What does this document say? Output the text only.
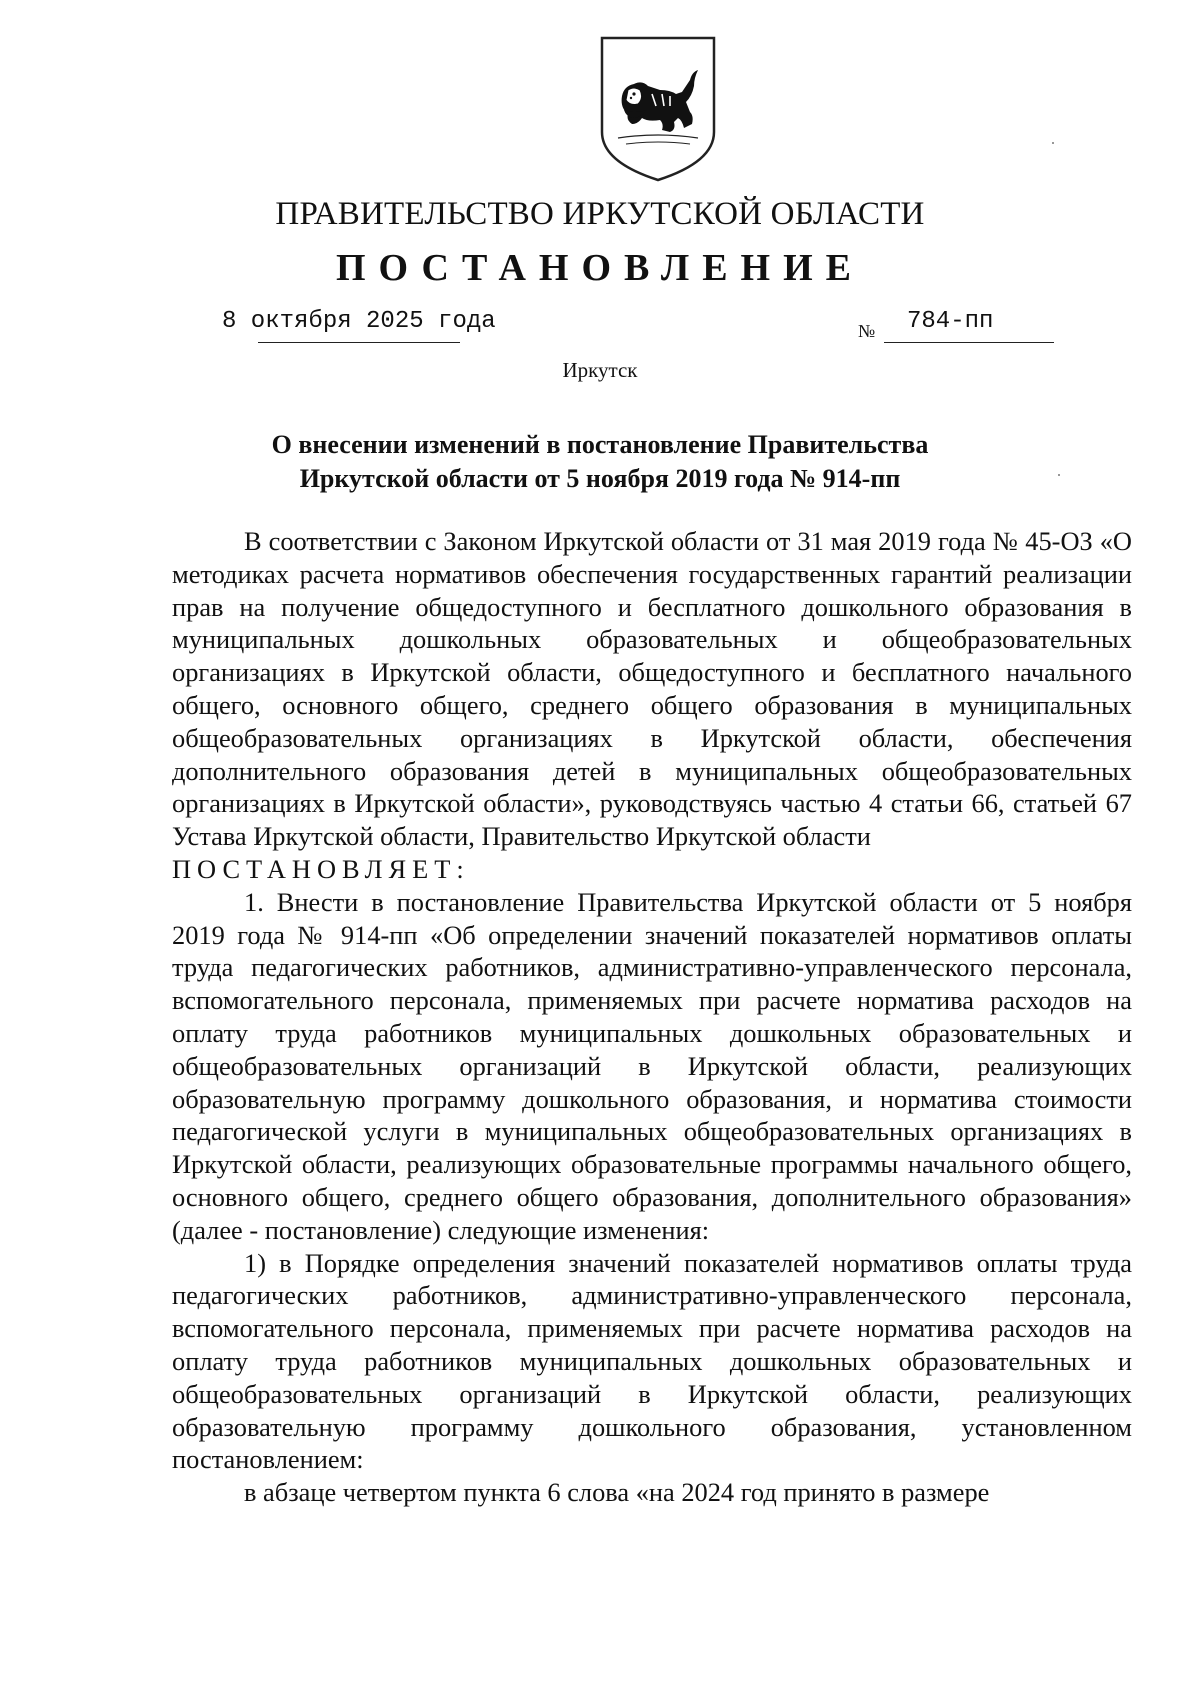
ПРАВИТЕЛЬСТВО ИРКУТСКОЙ ОБЛАСТИ
ПОСТАНОВЛЕНИЕ
8 октября 2025 года	№ 784-пп
Иркутск
О внесении изменений в постановление Правительства
Иркутской области от 5 ноября 2019 года № 914-пп

В соответствии с Законом Иркутской области от 31 мая 2019 года № 45-ОЗ «О методиках расчета нормативов обеспечения государственных гарантий реализации прав на получение общедоступного и бесплатного дошкольного образования в муниципальных дошкольных образовательных и общеобразовательных организациях в Иркутской области, общедоступного и бесплатного начального общего, основного общего, среднего общего образования в муниципальных общеобразовательных организациях в Иркутской области, обеспечения дополнительного образования детей в муниципальных общеобразовательных организациях в Иркутской области», руководствуясь частью 4 статьи 66, статьей 67 Устава Иркутской области, Правительство Иркутской области

ПОСТАНОВЛЯЕТ:

1. Внести в постановление Правительства Иркутской области от 5 ноября 2019 года № 914-пп «Об определении значений показателей нормативов оплаты труда педагогических работников, административно-управленческого персонала, вспомогательного персонала, применяемых при расчете норматива расходов на оплату труда работников муниципальных дошкольных образовательных и общеобразовательных организаций в Иркутской области, реализующих образовательную программу дошкольного образования, и норматива стоимости педагогической услуги в муниципальных общеобразовательных организациях в Иркутской области, реализующих образовательные программы начального общего, основного общего, среднего общего образования, дополнительного образования» (далее - постановление) следующие изменения:

1) в Порядке определения значений показателей нормативов оплаты труда педагогических работников, административно-управленческого персонала, вспомогательного персонала, применяемых при расчете норматива расходов на оплату труда работников муниципальных дошкольных образовательных и общеобразовательных организаций в Иркутской области, реализующих образовательную программу дошкольного образования, установленном постановлением:

в абзаце четвертом пункта 6 слова «на 2024 год принято в размере
